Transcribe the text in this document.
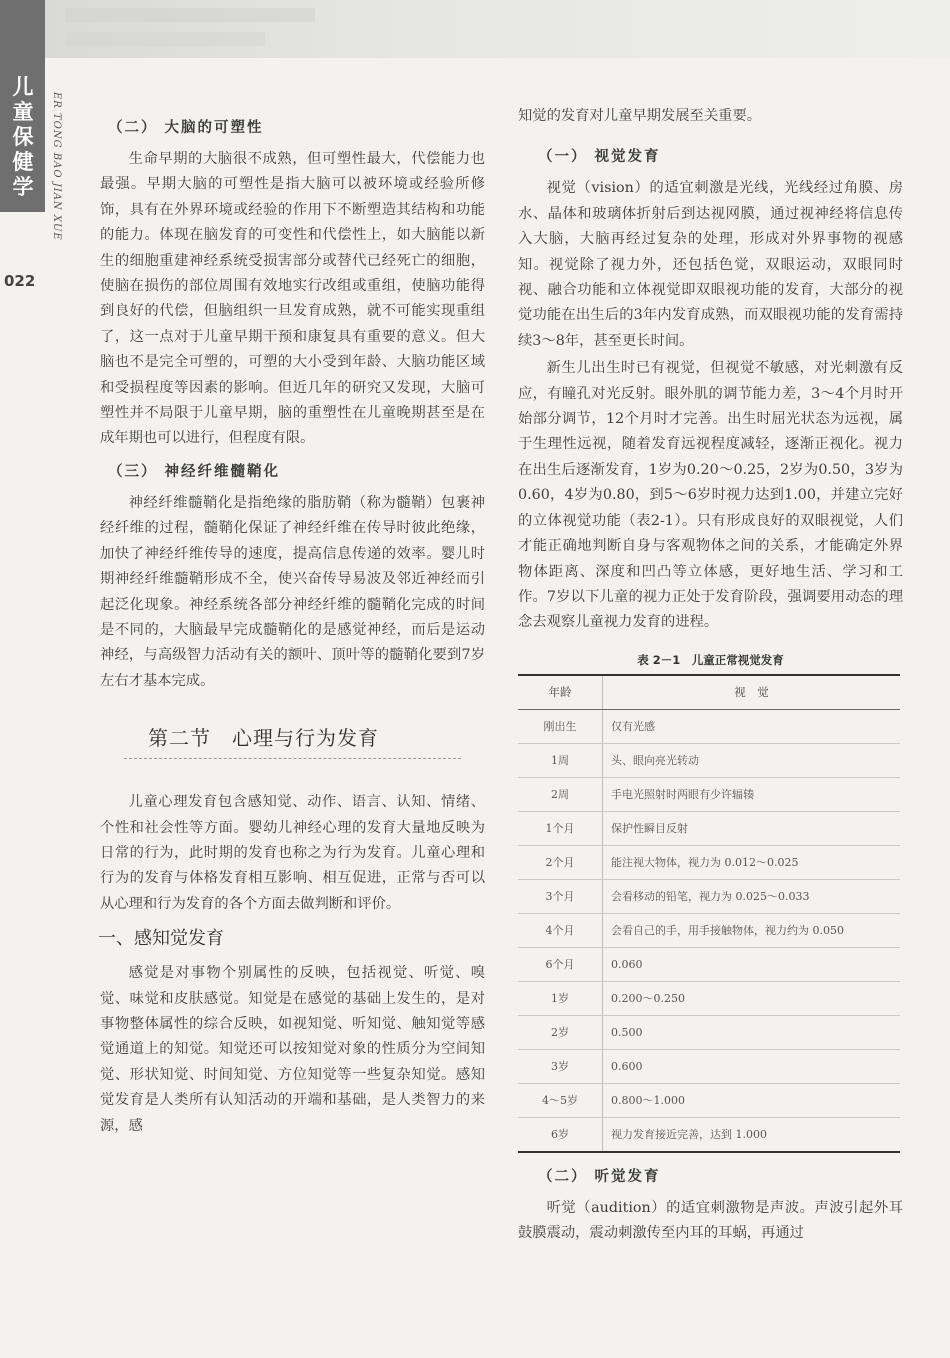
儿
童
保
健
学	ER TONG BAO JIAN XUE
022
（二） 大脑的可塑性

生命早期的大脑很不成熟，但可塑性最大，代偿能力也最强。早期大脑的可塑性是指大脑可以被环境或经验所修饰，具有在外界环境或经验的作用下不断塑造其结构和功能的能力。体现在脑发育的可变性和代偿性上，如大脑能以新生的细胞重建神经系统受损害部分或替代已经死亡的细胞，使脑在损伤的部位周围有效地实行改组或重组，使脑功能得到良好的代偿，但脑组织一旦发育成熟，就不可能实现重组了，这一点对于儿童早期干预和康复具有重要的意义。但大脑也不是完全可塑的，可塑的大小受到年龄、大脑功能区域和受损程度等因素的影响。但近几年的研究又发现，大脑可塑性并不局限于儿童早期，脑的重塑性在儿童晚期甚至是在成年期也可以进行，但程度有限。

（三） 神经纤维髓鞘化

神经纤维髓鞘化是指绝缘的脂肪鞘（称为髓鞘）包裹神经纤维的过程，髓鞘化保证了神经纤维在传导时彼此绝缘，加快了神经纤维传导的速度，提高信息传递的效率。婴儿时期神经纤维髓鞘形成不全，使兴奋传导易波及邻近神经而引起泛化现象。神经系统各部分神经纤维的髓鞘化完成的时间是不同的，大脑最早完成髓鞘化的是感觉神经，而后是运动神经，与高级智力活动有关的额叶、顶叶等的髓鞘化要到7岁左右才基本完成。

第二节　心理与行为发育

儿童心理发育包含感知觉、动作、语言、认知、情绪、个性和社会性等方面。婴幼儿神经心理的发育大量地反映为日常的行为，此时期的发育也称之为行为发育。儿童心理和行为的发育与体格发育相互影响、相互促进，正常与否可以从心理和行为发育的各个方面去做判断和评价。

一、感知觉发育

感觉是对事物个别属性的反映，包括视觉、听觉、嗅觉、味觉和皮肤感觉。知觉是在感觉的基础上发生的，是对事物整体属性的综合反映，如视知觉、听知觉、触知觉等感觉通道上的知觉。知觉还可以按知觉对象的性质分为空间知觉、形状知觉、时间知觉、方位知觉等一些复杂知觉。感知觉发育是人类所有认知活动的开端和基础，是人类智力的来源，感

知觉的发育对儿童早期发展至关重要。

（一） 视觉发育

视觉（vision）的适宜刺激是光线，光线经过角膜、房水、晶体和玻璃体折射后到达视网膜，通过视神经将信息传入大脑，大脑再经过复杂的处理，形成对外界事物的视感知。视觉除了视力外，还包括色觉，双眼运动，双眼同时视、融合功能和立体视觉即双眼视功能的发育，大部分的视觉功能在出生后的3年内发育成熟，而双眼视功能的发育需持续3～8年，甚至更长时间。

新生儿出生时已有视觉，但视觉不敏感，对光刺激有反应，有瞳孔对光反射。眼外肌的调节能力差，3～4个月时开始部分调节，12个月时才完善。出生时屈光状态为远视，属于生理性远视，随着发育远视程度减轻，逐渐正视化。视力在出生后逐渐发育，1岁为0.20～0.25，2岁为0.50，3岁为0.60，4岁为0.80，到5～6岁时视力达到1.00，并建立完好的立体视觉功能（表2-1）。只有形成良好的双眼视觉，人们才能正确地判断自身与客观物体之间的关系，才能确定外界物体距离、深度和凹凸等立体感，更好地生活、学习和工作。7岁以下儿童的视力正处于发育阶段，强调要用动态的理念去观察儿童视力发育的进程。

表 2－1　儿童正常视觉发育
年龄	视　觉
刚出生	仅有光感
1周	头、眼向亮光转动
2周	手电光照射时两眼有少许辐辏
1个月	保护性瞬目反射
2个月	能注视大物体，视力为 0.012～0.025
3个月	会看移动的铅笔，视力为 0.025～0.033
4个月	会看自己的手，用手接触物体，视力约为 0.050
6个月	0.060
1岁	0.200～0.250
2岁	0.500
3岁	0.600
4～5岁	0.800～1.000
6岁	视力发育接近完善，达到 1.000
（二） 听觉发育

听觉（audition）的适宜刺激物是声波。声波引起外耳鼓膜震动，震动刺激传至内耳的耳蜗，再通过
